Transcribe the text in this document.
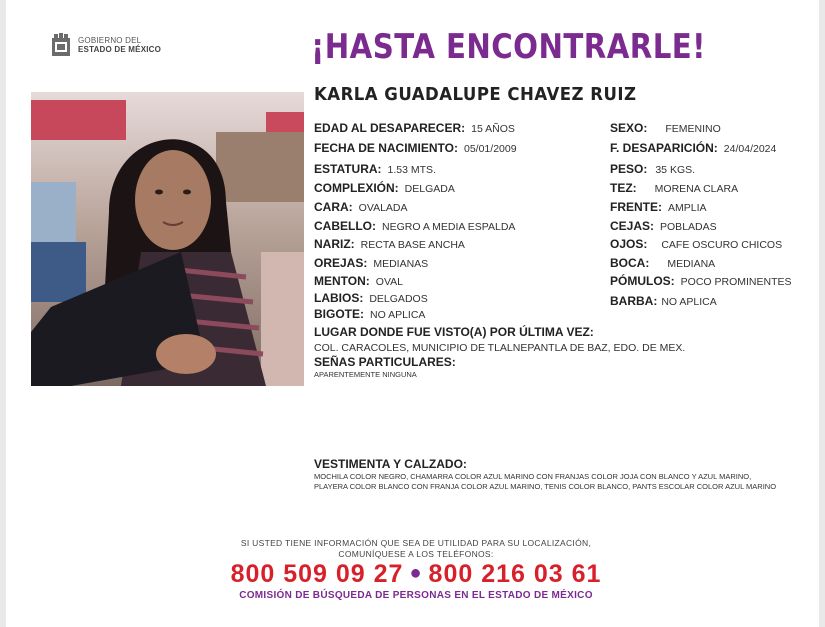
GOBIERNO DEL
ESTADO DE MÉXICO	¡HASTA ENCONTRARLE!
KARLA GUADALUPE CHAVEZ RUIZ
EDAD AL DESAPARECER: 15 AÑOS
FECHA DE NACIMIENTO: 05/01/2009
ESTATURA: 1.53 MTS.
COMPLEXIÓN: DELGADA
CARA: OVALADA
CABELLO: NEGRO A MEDIA ESPALDA
NARIZ: RECTA BASE ANCHA
OREJAS: MEDIANAS
MENTON: OVAL
LABIOS: DELGADOS
BIGOTE: NO APLICA
SEXO: FEMENINO
F. DESAPARICIÓN: 24/04/2024
PESO: 35 KGS.
TEZ: MORENA CLARA
FRENTE: AMPLIA
CEJAS: POBLADAS
OJOS: CAFE OSCURO CHICOS
BOCA: MEDIANA
PÓMULOS: POCO PROMINENTES
BARBA: NO APLICA
LUGAR DONDE FUE VISTO(A) POR ÚLTIMA VEZ:
COL. CARACOLES, MUNICIPIO DE TLALNEPANTLA DE BAZ, EDO. DE MEX.
SEÑAS PARTICULARES:
APARENTEMENTE NINGUNA
VESTIMENTA Y CALZADO:
MOCHILA COLOR NEGRO, CHAMARRA COLOR AZUL MARINO CON FRANJAS COLOR JOJA CON BLANCO Y AZUL MARINO, PLAYERA COLOR BLANCO CON FRANJA COLOR AZUL MARINO, TENIS COLOR BLANCO, PANTS ESCOLAR COLOR AZUL MARINO
SI USTED TIENE INFORMACIÓN QUE SEA DE UTILIDAD PARA SU LOCALIZACIÓN,
COMUNÍQUESE A LOS TELÉFONOS:
800 509 09 27 ● 800 216 03 61
COMISIÓN DE BÚSQUEDA DE PERSONAS EN EL ESTADO DE MÉXICO
